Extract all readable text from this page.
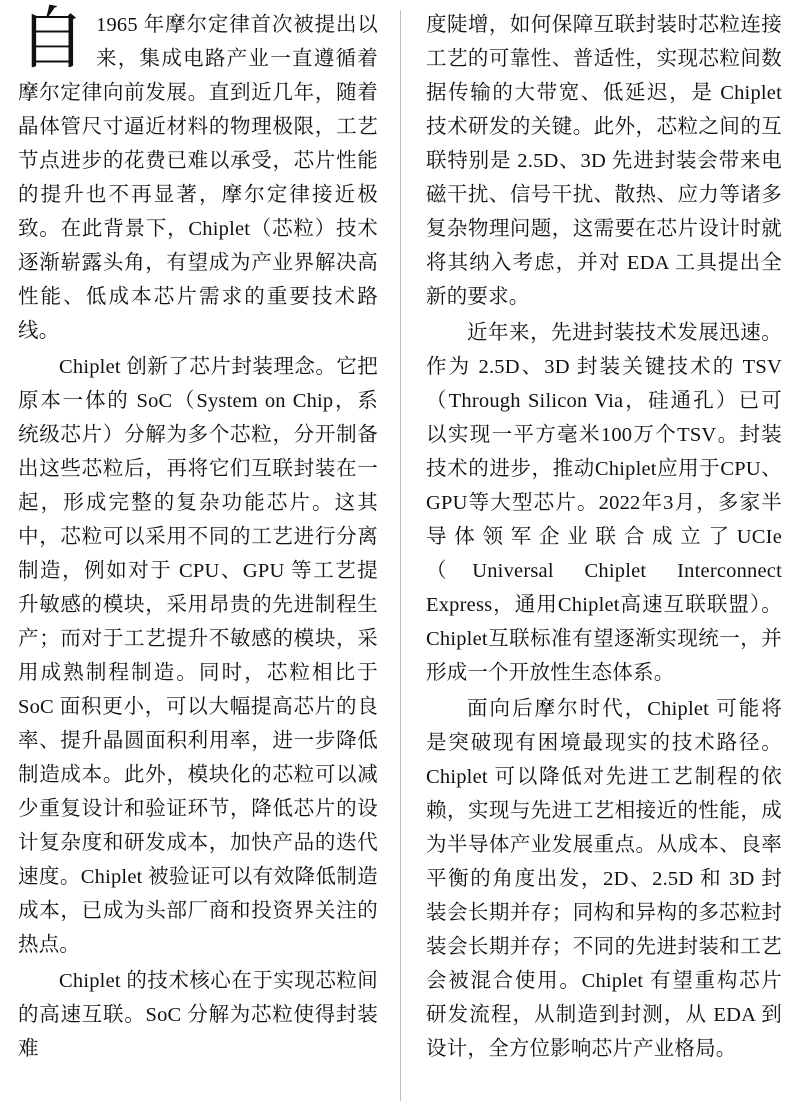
自 1965 年摩尔定律首次被提出以来，集成电路产业一直遵循着摩尔定律向前发展。直到近几年，随着晶体管尺寸逼近材料的物理极限，工艺节点进步的花费已难以承受，芯片性能的提升也不再显著，摩尔定律接近极致。在此背景下，Chiplet（芯粒）技术逐渐崭露头角，有望成为产业界解决高性能、低成本芯片需求的重要技术路线。

Chiplet 创新了芯片封装理念。它把原本一体的 SoC（System on Chip，系统级芯片）分解为多个芯粒，分开制备出这些芯粒后，再将它们互联封装在一起，形成完整的复杂功能芯片。这其中，芯粒可以采用不同的工艺进行分离制造，例如对于 CPU、GPU 等工艺提升敏感的模块，采用昂贵的先进制程生产；而对于工艺提升不敏感的模块，采用成熟制程制造。同时，芯粒相比于 SoC 面积更小，可以大幅提高芯片的良率、提升晶圆面积利用率，进一步降低制造成本。此外，模块化的芯粒可以减少重复设计和验证环节，降低芯片的设计复杂度和研发成本，加快产品的迭代速度。Chiplet 被验证可以有效降低制造成本，已成为头部厂商和投资界关注的热点。

Chiplet 的技术核心在于实现芯粒间的高速互联。SoC 分解为芯粒使得封装难

度陡增，如何保障互联封装时芯粒连接工艺的可靠性、普适性，实现芯粒间数据传输的大带宽、低延迟，是 Chiplet 技术研发的关键。此外，芯粒之间的互联特别是 2.5D、3D 先进封装会带来电磁干扰、信号干扰、散热、应力等诸多复杂物理问题，这需要在芯片设计时就将其纳入考虑，并对 EDA 工具提出全新的要求。

近年来，先进封装技术发展迅速。作为 2.5D、3D 封装关键技术的 TSV（Through Silicon Via，硅通孔）已可以实现一平方毫米100万个TSV。封装技术的进步，推动Chiplet应用于CPU、GPU等大型芯片。2022年3月，多家半导体领军企业联合成立了UCIe（Universal Chiplet Interconnect Express，通用Chiplet高速互联联盟）。Chiplet互联标准有望逐渐实现统一，并形成一个开放性生态体系。

面向后摩尔时代，Chiplet 可能将是突破现有困境最现实的技术路径。Chiplet 可以降低对先进工艺制程的依赖，实现与先进工艺相接近的性能，成为半导体产业发展重点。从成本、良率平衡的角度出发，2D、2.5D 和 3D 封装会长期并存；同构和异构的多芯粒封装会长期并存；不同的先进封装和工艺会被混合使用。Chiplet 有望重构芯片研发流程，从制造到封测，从 EDA 到设计，全方位影响芯片产业格局。
